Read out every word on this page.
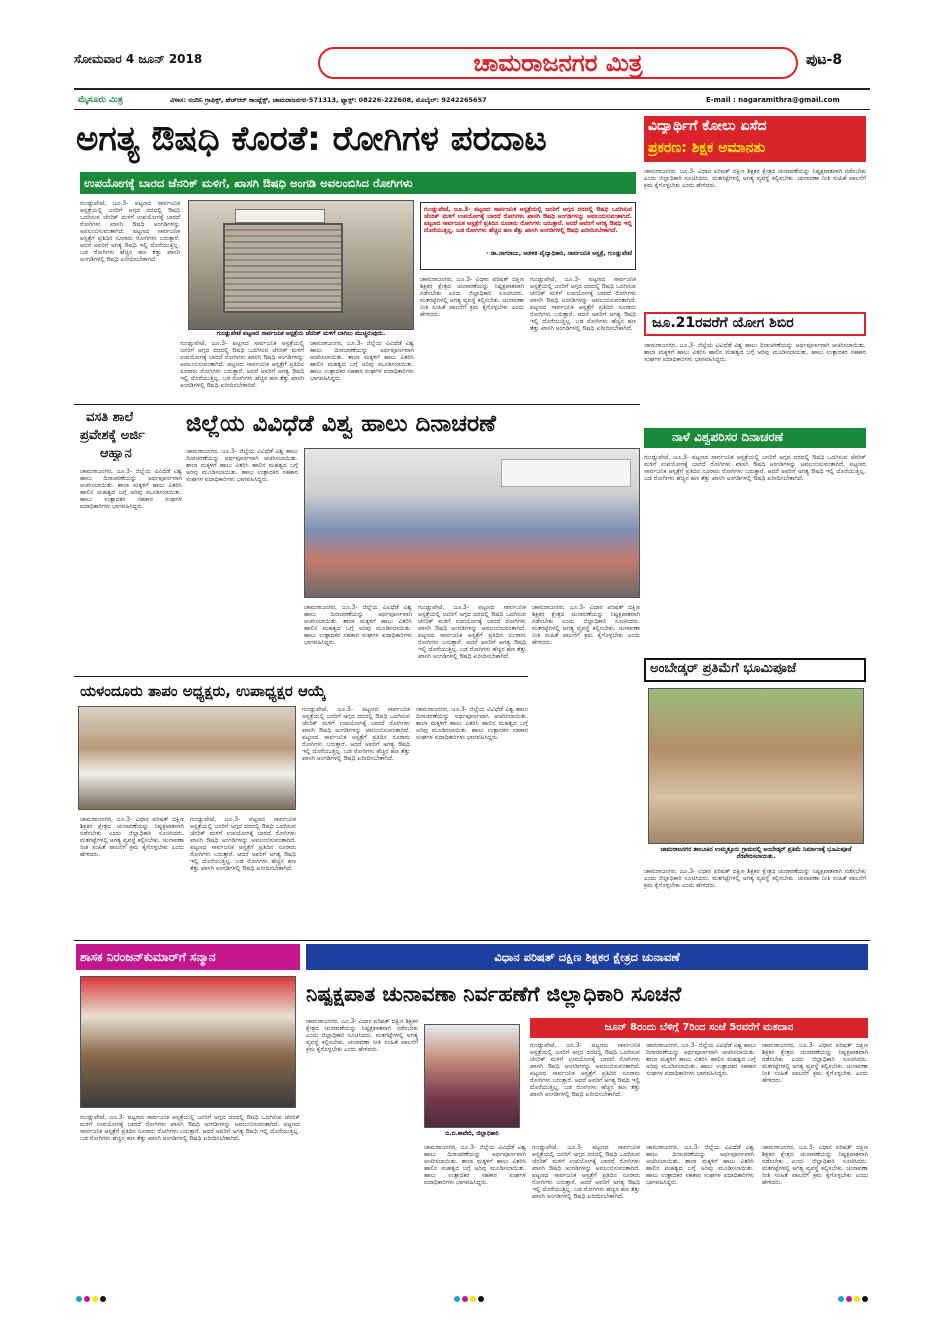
ಸೋಮವಾರ 4 ಜೂನ್ 2018	ಚಾಮರಾಜನಗರ ಮಿತ್ರ	ಪುಟ-8
ಮೈಸೂರು ಮಿತ್ರ	ವಿಳಾಸ: ನಂದಿನಿ ಗ್ರಾಫಿಕ್ಸ್, ಹೆಚ್‌ಆರ್ ಕಾಂಪ್ಲೆಕ್ಸ್, ಚಾಮರಾಜನಗರ-571313, ಫ್ಯಾಕ್ಸ್: 08226-222608, ಮೊಬೈಲ್: 9242265657	E-mail : nagaramithra@gmail.com
ಅಗತ್ಯ ಔಷಧಿ ಕೊರತೆ: ರೋಗಿಗಳ ಪರದಾಟ
ಉಪಯೋಗಕ್ಕೆ ಬಾರದ ಜೆನರಿಕ್ ಮಳಿಗೆ, ಖಾಸಗಿ ಔಷಧಿ ಅಂಗಡಿ ಅವಲಂಬಿಸಿದ ರೋಗಿಗಳು
ಗುಂಡ್ಲುಪೇಟೆ, ಜೂ.3- ಪಟ್ಟಣದ ಸಾರ್ವಜನಿಕ ಆಸ್ಪತ್ರೆಯಲ್ಲಿ ಜನರಿಗೆ ಅಗ್ಗದ ದರದಲ್ಲಿ ಔಷಧಿ ಒದಗಿಸುವ ಜೆನರಿಕ್ ಮಳಿಗೆ ಉಪಯೋಗಕ್ಕೆ ಬಾರದೆ ರೋಗಿಗಳು ಖಾಸಗಿ ಔಷಧಿ ಅಂಗಡಿಗಳನ್ನು ಅವಲಂಬಿಸುವಂತಾಗಿದೆ. ಪಟ್ಟಣದ ಸಾರ್ವಜನಿಕ ಆಸ್ಪತ್ರೆಗೆ ಪ್ರತಿದಿನ ನೂರಾರು ರೋಗಿಗಳು ಬರುತ್ತಾರೆ. ಆದರೆ ಅವರಿಗೆ ಅಗತ್ಯ ಔಷಧಿ ಇಲ್ಲಿ ದೊರೆಯುತ್ತಿಲ್ಲ. ಬಡ ರೋಗಿಗಳು ಹೆಚ್ಚಿನ ಹಣ ತೆತ್ತು ಖಾಸಗಿ ಅಂಗಡಿಗಳಲ್ಲಿ ಔಷಧಿ ಖರೀದಿಸಬೇಕಾಗಿದೆ.
ಗುಂಡ್ಲುಪೇಟೆ ಪಟ್ಟಣದ ಸಾರ್ವಜನಿಕ ಆಸ್ಪತ್ರೆಯ ಜೆನರಿಕ್ ಮಳಿಗೆ ಬಾಗಿಲು ಮುಚ್ಚಿರುವುದು.
ಗುಂಡ್ಲುಪೇಟೆ, ಜೂ.3- ಪಟ್ಟಣದ ಸಾರ್ವಜನಿಕ ಆಸ್ಪತ್ರೆಯಲ್ಲಿ ಜನರಿಗೆ ಅಗ್ಗದ ದರದಲ್ಲಿ ಔಷಧಿ ಒದಗಿಸುವ ಜೆನರಿಕ್ ಮಳಿಗೆ ಉಪಯೋಗಕ್ಕೆ ಬಾರದೆ ರೋಗಿಗಳು ಖಾಸಗಿ ಔಷಧಿ ಅಂಗಡಿಗಳನ್ನು ಅವಲಂಬಿಸುವಂತಾಗಿದೆ. ಪಟ್ಟಣದ ಸಾರ್ವಜನಿಕ ಆಸ್ಪತ್ರೆಗೆ ಪ್ರತಿದಿನ ನೂರಾರು ರೋಗಿಗಳು ಬರುತ್ತಾರೆ. ಆದರೆ ಅವರಿಗೆ ಅಗತ್ಯ ಔಷಧಿ ಇಲ್ಲಿ ದೊರೆಯುತ್ತಿಲ್ಲ. ಬಡ ರೋಗಿಗಳು ಹೆಚ್ಚಿನ ಹಣ ತೆತ್ತು ಖಾಸಗಿ ಅಂಗಡಿಗಳಲ್ಲಿ ಔಷಧಿ ಖರೀದಿಸಬೇಕಾಗಿದೆ.
- ಡಾ.ನಾಗರಾಜು, ಆಡಳಿತ ವೈದ್ಯಾಧಿಕಾರಿ, ಸಾರ್ವಜನಿಕ ಆಸ್ಪತ್ರೆ, ಗುಂಡ್ಲುಪೇಟೆ
ಗುಂಡ್ಲುಪೇಟೆ, ಜೂ.3- ಪಟ್ಟಣದ ಸಾರ್ವಜನಿಕ ಆಸ್ಪತ್ರೆಯಲ್ಲಿ ಜನರಿಗೆ ಅಗ್ಗದ ದರದಲ್ಲಿ ಔಷಧಿ ಒದಗಿಸುವ ಜೆನರಿಕ್ ಮಳಿಗೆ ಉಪಯೋಗಕ್ಕೆ ಬಾರದೆ ರೋಗಿಗಳು ಖಾಸಗಿ ಔಷಧಿ ಅಂಗಡಿಗಳನ್ನು ಅವಲಂಬಿಸುವಂತಾಗಿದೆ. ಪಟ್ಟಣದ ಸಾರ್ವಜನಿಕ ಆಸ್ಪತ್ರೆಗೆ ಪ್ರತಿದಿನ ನೂರಾರು ರೋಗಿಗಳು ಬರುತ್ತಾರೆ. ಆದರೆ ಅವರಿಗೆ ಅಗತ್ಯ ಔಷಧಿ ಇಲ್ಲಿ ದೊರೆಯುತ್ತಿಲ್ಲ. ಬಡ ರೋಗಿಗಳು ಹೆಚ್ಚಿನ ಹಣ ತೆತ್ತು ಖಾಸಗಿ ಅಂಗಡಿಗಳಲ್ಲಿ ಔಷಧಿ ಖರೀದಿಸಬೇಕಾಗಿದೆ.
ಚಾಮರಾಜನಗರ, ಜೂ.3- ಜಿಲ್ಲೆಯ ವಿವಿಧೆಡೆ ವಿಶ್ವ ಹಾಲು ದಿನಾಚರಣೆಯನ್ನು ಅರ್ಥಪೂರ್ಣವಾಗಿ ಆಚರಿಸಲಾಯಿತು. ಶಾಲಾ ಮಕ್ಕಳಿಗೆ ಹಾಲು ವಿತರಿಸಿ ಹಾಲಿನ ಮಹತ್ವದ ಬಗ್ಗೆ ಅರಿವು ಮೂಡಿಸಲಾಯಿತು. ಹಾಲು ಉತ್ಪಾದಕರ ಸಹಕಾರ ಸಂಘಗಳ ಪದಾಧಿಕಾರಿಗಳು ಭಾಗವಹಿಸಿದ್ದರು.
ಚಾಮರಾಜನಗರ, ಜೂ.3- ವಿಧಾನ ಪರಿಷತ್ ದಕ್ಷಿಣ ಶಿಕ್ಷಕರ ಕ್ಷೇತ್ರದ ಚುನಾವಣೆಯನ್ನು ನಿಷ್ಪಕ್ಷಪಾತವಾಗಿ ನಡೆಸಬೇಕು ಎಂದು ಜಿಲ್ಲಾಧಿಕಾರಿ ಸೂಚಿಸಿದರು. ಮತಗಟ್ಟೆಗಳಲ್ಲಿ ಅಗತ್ಯ ವ್ಯವಸ್ಥೆ ಕಲ್ಪಿಸಬೇಕು. ಚುನಾವಣಾ ನೀತಿ ಸಂಹಿತೆ ಪಾಲನೆಗೆ ಕ್ರಮ ಕೈಗೊಳ್ಳಬೇಕು ಎಂದು ಹೇಳಿದರು.
ಗುಂಡ್ಲುಪೇಟೆ, ಜೂ.3- ಪಟ್ಟಣದ ಸಾರ್ವಜನಿಕ ಆಸ್ಪತ್ರೆಯಲ್ಲಿ ಜನರಿಗೆ ಅಗ್ಗದ ದರದಲ್ಲಿ ಔಷಧಿ ಒದಗಿಸುವ ಜೆನರಿಕ್ ಮಳಿಗೆ ಉಪಯೋಗಕ್ಕೆ ಬಾರದೆ ರೋಗಿಗಳು ಖಾಸಗಿ ಔಷಧಿ ಅಂಗಡಿಗಳನ್ನು ಅವಲಂಬಿಸುವಂತಾಗಿದೆ. ಪಟ್ಟಣದ ಸಾರ್ವಜನಿಕ ಆಸ್ಪತ್ರೆಗೆ ಪ್ರತಿದಿನ ನೂರಾರು ರೋಗಿಗಳು ಬರುತ್ತಾರೆ. ಆದರೆ ಅವರಿಗೆ ಅಗತ್ಯ ಔಷಧಿ ಇಲ್ಲಿ ದೊರೆಯುತ್ತಿಲ್ಲ. ಬಡ ರೋಗಿಗಳು ಹೆಚ್ಚಿನ ಹಣ ತೆತ್ತು ಖಾಸಗಿ ಅಂಗಡಿಗಳಲ್ಲಿ ಔಷಧಿ ಖರೀದಿಸಬೇಕಾಗಿದೆ.
ವಿದ್ಯಾರ್ಥಿಗೆ ಕೋಲು ಏಸೆದ
ಪ್ರಕರಣ: ಶಿಕ್ಷಕ ಅಮಾನತು
ಚಾಮರಾಜನಗರ, ಜೂ.3- ವಿಧಾನ ಪರಿಷತ್ ದಕ್ಷಿಣ ಶಿಕ್ಷಕರ ಕ್ಷೇತ್ರದ ಚುನಾವಣೆಯನ್ನು ನಿಷ್ಪಕ್ಷಪಾತವಾಗಿ ನಡೆಸಬೇಕು ಎಂದು ಜಿಲ್ಲಾಧಿಕಾರಿ ಸೂಚಿಸಿದರು. ಮತಗಟ್ಟೆಗಳಲ್ಲಿ ಅಗತ್ಯ ವ್ಯವಸ್ಥೆ ಕಲ್ಪಿಸಬೇಕು. ಚುನಾವಣಾ ನೀತಿ ಸಂಹಿತೆ ಪಾಲನೆಗೆ ಕ್ರಮ ಕೈಗೊಳ್ಳಬೇಕು ಎಂದು ಹೇಳಿದರು.
ಜೂ.21ರವರೆಗೆ ಯೋಗ ಶಿಬಿರ
ಚಾಮರಾಜನಗರ, ಜೂ.3- ಜಿಲ್ಲೆಯ ವಿವಿಧೆಡೆ ವಿಶ್ವ ಹಾಲು ದಿನಾಚರಣೆಯನ್ನು ಅರ್ಥಪೂರ್ಣವಾಗಿ ಆಚರಿಸಲಾಯಿತು. ಶಾಲಾ ಮಕ್ಕಳಿಗೆ ಹಾಲು ವಿತರಿಸಿ ಹಾಲಿನ ಮಹತ್ವದ ಬಗ್ಗೆ ಅರಿವು ಮೂಡಿಸಲಾಯಿತು. ಹಾಲು ಉತ್ಪಾದಕರ ಸಹಕಾರ ಸಂಘಗಳ ಪದಾಧಿಕಾರಿಗಳು ಭಾಗವಹಿಸಿದ್ದರು.
ನಾಳೆ ವಿಶ್ವಪರಿಸರ ದಿನಾಚರಣೆ
ಗುಂಡ್ಲುಪೇಟೆ, ಜೂ.3- ಪಟ್ಟಣದ ಸಾರ್ವಜನಿಕ ಆಸ್ಪತ್ರೆಯಲ್ಲಿ ಜನರಿಗೆ ಅಗ್ಗದ ದರದಲ್ಲಿ ಔಷಧಿ ಒದಗಿಸುವ ಜೆನರಿಕ್ ಮಳಿಗೆ ಉಪಯೋಗಕ್ಕೆ ಬಾರದೆ ರೋಗಿಗಳು ಖಾಸಗಿ ಔಷಧಿ ಅಂಗಡಿಗಳನ್ನು ಅವಲಂಬಿಸುವಂತಾಗಿದೆ. ಪಟ್ಟಣದ ಸಾರ್ವಜನಿಕ ಆಸ್ಪತ್ರೆಗೆ ಪ್ರತಿದಿನ ನೂರಾರು ರೋಗಿಗಳು ಬರುತ್ತಾರೆ. ಆದರೆ ಅವರಿಗೆ ಅಗತ್ಯ ಔಷಧಿ ಇಲ್ಲಿ ದೊರೆಯುತ್ತಿಲ್ಲ. ಬಡ ರೋಗಿಗಳು ಹೆಚ್ಚಿನ ಹಣ ತೆತ್ತು ಖಾಸಗಿ ಅಂಗಡಿಗಳಲ್ಲಿ ಔಷಧಿ ಖರೀದಿಸಬೇಕಾಗಿದೆ.
ವಸತಿ ಶಾಲೆ
ಪ್ರವೇಶಕ್ಕೆ ಅರ್ಜಿ
ಆಹ್ವಾನ
ಚಾಮರಾಜನಗರ, ಜೂ.3- ಜಿಲ್ಲೆಯ ವಿವಿಧೆಡೆ ವಿಶ್ವ ಹಾಲು ದಿನಾಚರಣೆಯನ್ನು ಅರ್ಥಪೂರ್ಣವಾಗಿ ಆಚರಿಸಲಾಯಿತು. ಶಾಲಾ ಮಕ್ಕಳಿಗೆ ಹಾಲು ವಿತರಿಸಿ ಹಾಲಿನ ಮಹತ್ವದ ಬಗ್ಗೆ ಅರಿವು ಮೂಡಿಸಲಾಯಿತು. ಹಾಲು ಉತ್ಪಾದಕರ ಸಹಕಾರ ಸಂಘಗಳ ಪದಾಧಿಕಾರಿಗಳು ಭಾಗವಹಿಸಿದ್ದರು.
ಜಿಲ್ಲೆಯ ವಿವಿಧೆಡೆ ವಿಶ್ವ ಹಾಲು ದಿನಾಚರಣೆ
ಚಾಮರಾಜನಗರ, ಜೂ.3- ಜಿಲ್ಲೆಯ ವಿವಿಧೆಡೆ ವಿಶ್ವ ಹಾಲು ದಿನಾಚರಣೆಯನ್ನು ಅರ್ಥಪೂರ್ಣವಾಗಿ ಆಚರಿಸಲಾಯಿತು. ಶಾಲಾ ಮಕ್ಕಳಿಗೆ ಹಾಲು ವಿತರಿಸಿ ಹಾಲಿನ ಮಹತ್ವದ ಬಗ್ಗೆ ಅರಿವು ಮೂಡಿಸಲಾಯಿತು. ಹಾಲು ಉತ್ಪಾದಕರ ಸಹಕಾರ ಸಂಘಗಳ ಪದಾಧಿಕಾರಿಗಳು ಭಾಗವಹಿಸಿದ್ದರು.
ಚಾಮರಾಜನಗರ, ಜೂ.3- ಜಿಲ್ಲೆಯ ವಿವಿಧೆಡೆ ವಿಶ್ವ ಹಾಲು ದಿನಾಚರಣೆಯನ್ನು ಅರ್ಥಪೂರ್ಣವಾಗಿ ಆಚರಿಸಲಾಯಿತು. ಶಾಲಾ ಮಕ್ಕಳಿಗೆ ಹಾಲು ವಿತರಿಸಿ ಹಾಲಿನ ಮಹತ್ವದ ಬಗ್ಗೆ ಅರಿವು ಮೂಡಿಸಲಾಯಿತು. ಹಾಲು ಉತ್ಪಾದಕರ ಸಹಕಾರ ಸಂಘಗಳ ಪದಾಧಿಕಾರಿಗಳು ಭಾಗವಹಿಸಿದ್ದರು.
ಗುಂಡ್ಲುಪೇಟೆ, ಜೂ.3- ಪಟ್ಟಣದ ಸಾರ್ವಜನಿಕ ಆಸ್ಪತ್ರೆಯಲ್ಲಿ ಜನರಿಗೆ ಅಗ್ಗದ ದರದಲ್ಲಿ ಔಷಧಿ ಒದಗಿಸುವ ಜೆನರಿಕ್ ಮಳಿಗೆ ಉಪಯೋಗಕ್ಕೆ ಬಾರದೆ ರೋಗಿಗಳು ಖಾಸಗಿ ಔಷಧಿ ಅಂಗಡಿಗಳನ್ನು ಅವಲಂಬಿಸುವಂತಾಗಿದೆ. ಪಟ್ಟಣದ ಸಾರ್ವಜನಿಕ ಆಸ್ಪತ್ರೆಗೆ ಪ್ರತಿದಿನ ನೂರಾರು ರೋಗಿಗಳು ಬರುತ್ತಾರೆ. ಆದರೆ ಅವರಿಗೆ ಅಗತ್ಯ ಔಷಧಿ ಇಲ್ಲಿ ದೊರೆಯುತ್ತಿಲ್ಲ. ಬಡ ರೋಗಿಗಳು ಹೆಚ್ಚಿನ ಹಣ ತೆತ್ತು ಖಾಸಗಿ ಅಂಗಡಿಗಳಲ್ಲಿ ಔಷಧಿ ಖರೀದಿಸಬೇಕಾಗಿದೆ.
ಚಾಮರಾಜನಗರ, ಜೂ.3- ವಿಧಾನ ಪರಿಷತ್ ದಕ್ಷಿಣ ಶಿಕ್ಷಕರ ಕ್ಷೇತ್ರದ ಚುನಾವಣೆಯನ್ನು ನಿಷ್ಪಕ್ಷಪಾತವಾಗಿ ನಡೆಸಬೇಕು ಎಂದು ಜಿಲ್ಲಾಧಿಕಾರಿ ಸೂಚಿಸಿದರು. ಮತಗಟ್ಟೆಗಳಲ್ಲಿ ಅಗತ್ಯ ವ್ಯವಸ್ಥೆ ಕಲ್ಪಿಸಬೇಕು. ಚುನಾವಣಾ ನೀತಿ ಸಂಹಿತೆ ಪಾಲನೆಗೆ ಕ್ರಮ ಕೈಗೊಳ್ಳಬೇಕು ಎಂದು ಹೇಳಿದರು.
ಅಂಬೇಡ್ಕರ್ ಪ್ರತಿಮೆಗೆ ಭೂಮಿಪೂಜೆ
ಚಾಮರಾಜನಗರ ತಾಲೂಕಿನ ಉಮ್ಮತ್ತೂರು ಗ್ರಾಮದಲ್ಲಿ ಅಂಬೇಡ್ಕರ್ ಪ್ರತಿಮೆ ನಿರ್ಮಾಣಕ್ಕೆ ಭೂಮಿಪೂಜೆ ನೆರವೇರಿಸಲಾಯಿತು.
ಚಾಮರಾಜನಗರ, ಜೂ.3- ವಿಧಾನ ಪರಿಷತ್ ದಕ್ಷಿಣ ಶಿಕ್ಷಕರ ಕ್ಷೇತ್ರದ ಚುನಾವಣೆಯನ್ನು ನಿಷ್ಪಕ್ಷಪಾತವಾಗಿ ನಡೆಸಬೇಕು ಎಂದು ಜಿಲ್ಲಾಧಿಕಾರಿ ಸೂಚಿಸಿದರು. ಮತಗಟ್ಟೆಗಳಲ್ಲಿ ಅಗತ್ಯ ವ್ಯವಸ್ಥೆ ಕಲ್ಪಿಸಬೇಕು. ಚುನಾವಣಾ ನೀತಿ ಸಂಹಿತೆ ಪಾಲನೆಗೆ ಕ್ರಮ ಕೈಗೊಳ್ಳಬೇಕು ಎಂದು ಹೇಳಿದರು.
ಯಳಂದೂರು ತಾಪಂ ಅಧ್ಯಕ್ಷರು, ಉಪಾಧ್ಯಕ್ಷರ ಆಯ್ಕೆ
ಗುಂಡ್ಲುಪೇಟೆ, ಜೂ.3- ಪಟ್ಟಣದ ಸಾರ್ವಜನಿಕ ಆಸ್ಪತ್ರೆಯಲ್ಲಿ ಜನರಿಗೆ ಅಗ್ಗದ ದರದಲ್ಲಿ ಔಷಧಿ ಒದಗಿಸುವ ಜೆನರಿಕ್ ಮಳಿಗೆ ಉಪಯೋಗಕ್ಕೆ ಬಾರದೆ ರೋಗಿಗಳು ಖಾಸಗಿ ಔಷಧಿ ಅಂಗಡಿಗಳನ್ನು ಅವಲಂಬಿಸುವಂತಾಗಿದೆ. ಪಟ್ಟಣದ ಸಾರ್ವಜನಿಕ ಆಸ್ಪತ್ರೆಗೆ ಪ್ರತಿದಿನ ನೂರಾರು ರೋಗಿಗಳು ಬರುತ್ತಾರೆ. ಆದರೆ ಅವರಿಗೆ ಅಗತ್ಯ ಔಷಧಿ ಇಲ್ಲಿ ದೊರೆಯುತ್ತಿಲ್ಲ. ಬಡ ರೋಗಿಗಳು ಹೆಚ್ಚಿನ ಹಣ ತೆತ್ತು ಖಾಸಗಿ ಅಂಗಡಿಗಳಲ್ಲಿ ಔಷಧಿ ಖರೀದಿಸಬೇಕಾಗಿದೆ.
ಚಾಮರಾಜನಗರ, ಜೂ.3- ಜಿಲ್ಲೆಯ ವಿವಿಧೆಡೆ ವಿಶ್ವ ಹಾಲು ದಿನಾಚರಣೆಯನ್ನು ಅರ್ಥಪೂರ್ಣವಾಗಿ ಆಚರಿಸಲಾಯಿತು. ಶಾಲಾ ಮಕ್ಕಳಿಗೆ ಹಾಲು ವಿತರಿಸಿ ಹಾಲಿನ ಮಹತ್ವದ ಬಗ್ಗೆ ಅರಿವು ಮೂಡಿಸಲಾಯಿತು. ಹಾಲು ಉತ್ಪಾದಕರ ಸಹಕಾರ ಸಂಘಗಳ ಪದಾಧಿಕಾರಿಗಳು ಭಾಗವಹಿಸಿದ್ದರು.
ಚಾಮರಾಜನಗರ, ಜೂ.3- ವಿಧಾನ ಪರಿಷತ್ ದಕ್ಷಿಣ ಶಿಕ್ಷಕರ ಕ್ಷೇತ್ರದ ಚುನಾವಣೆಯನ್ನು ನಿಷ್ಪಕ್ಷಪಾತವಾಗಿ ನಡೆಸಬೇಕು ಎಂದು ಜಿಲ್ಲಾಧಿಕಾರಿ ಸೂಚಿಸಿದರು. ಮತಗಟ್ಟೆಗಳಲ್ಲಿ ಅಗತ್ಯ ವ್ಯವಸ್ಥೆ ಕಲ್ಪಿಸಬೇಕು. ಚುನಾವಣಾ ನೀತಿ ಸಂಹಿತೆ ಪಾಲನೆಗೆ ಕ್ರಮ ಕೈಗೊಳ್ಳಬೇಕು ಎಂದು ಹೇಳಿದರು.
ಗುಂಡ್ಲುಪೇಟೆ, ಜೂ.3- ಪಟ್ಟಣದ ಸಾರ್ವಜನಿಕ ಆಸ್ಪತ್ರೆಯಲ್ಲಿ ಜನರಿಗೆ ಅಗ್ಗದ ದರದಲ್ಲಿ ಔಷಧಿ ಒದಗಿಸುವ ಜೆನರಿಕ್ ಮಳಿಗೆ ಉಪಯೋಗಕ್ಕೆ ಬಾರದೆ ರೋಗಿಗಳು ಖಾಸಗಿ ಔಷಧಿ ಅಂಗಡಿಗಳನ್ನು ಅವಲಂಬಿಸುವಂತಾಗಿದೆ. ಪಟ್ಟಣದ ಸಾರ್ವಜನಿಕ ಆಸ್ಪತ್ರೆಗೆ ಪ್ರತಿದಿನ ನೂರಾರು ರೋಗಿಗಳು ಬರುತ್ತಾರೆ. ಆದರೆ ಅವರಿಗೆ ಅಗತ್ಯ ಔಷಧಿ ಇಲ್ಲಿ ದೊರೆಯುತ್ತಿಲ್ಲ. ಬಡ ರೋಗಿಗಳು ಹೆಚ್ಚಿನ ಹಣ ತೆತ್ತು ಖಾಸಗಿ ಅಂಗಡಿಗಳಲ್ಲಿ ಔಷಧಿ ಖರೀದಿಸಬೇಕಾಗಿದೆ.
ಶಾಸಕ ನಿರಂಜನ್‌ಕುಮಾರ್‌ಗೆ ಸನ್ಮಾನ
ಗುಂಡ್ಲುಪೇಟೆ, ಜೂ.3- ಪಟ್ಟಣದ ಸಾರ್ವಜನಿಕ ಆಸ್ಪತ್ರೆಯಲ್ಲಿ ಜನರಿಗೆ ಅಗ್ಗದ ದರದಲ್ಲಿ ಔಷಧಿ ಒದಗಿಸುವ ಜೆನರಿಕ್ ಮಳಿಗೆ ಉಪಯೋಗಕ್ಕೆ ಬಾರದೆ ರೋಗಿಗಳು ಖಾಸಗಿ ಔಷಧಿ ಅಂಗಡಿಗಳನ್ನು ಅವಲಂಬಿಸುವಂತಾಗಿದೆ. ಪಟ್ಟಣದ ಸಾರ್ವಜನಿಕ ಆಸ್ಪತ್ರೆಗೆ ಪ್ರತಿದಿನ ನೂರಾರು ರೋಗಿಗಳು ಬರುತ್ತಾರೆ. ಆದರೆ ಅವರಿಗೆ ಅಗತ್ಯ ಔಷಧಿ ಇಲ್ಲಿ ದೊರೆಯುತ್ತಿಲ್ಲ. ಬಡ ರೋಗಿಗಳು ಹೆಚ್ಚಿನ ಹಣ ತೆತ್ತು ಖಾಸಗಿ ಅಂಗಡಿಗಳಲ್ಲಿ ಔಷಧಿ ಖರೀದಿಸಬೇಕಾಗಿದೆ.
ವಿಧಾನ ಪರಿಷತ್ ದಕ್ಷಿಣ ಶಿಕ್ಷಕರ ಕ್ಷೇತ್ರದ ಚುನಾವಣೆ
ನಿಷ್ಪಕ್ಷಪಾತ ಚುನಾವಣಾ ನಿರ್ವಹಣೆಗೆ ಜಿಲ್ಲಾಧಿಕಾರಿ ಸೂಚನೆ
ಚಾಮರಾಜನಗರ, ಜೂ.3- ವಿಧಾನ ಪರಿಷತ್ ದಕ್ಷಿಣ ಶಿಕ್ಷಕರ ಕ್ಷೇತ್ರದ ಚುನಾವಣೆಯನ್ನು ನಿಷ್ಪಕ್ಷಪಾತವಾಗಿ ನಡೆಸಬೇಕು ಎಂದು ಜಿಲ್ಲಾಧಿಕಾರಿ ಸೂಚಿಸಿದರು. ಮತಗಟ್ಟೆಗಳಲ್ಲಿ ಅಗತ್ಯ ವ್ಯವಸ್ಥೆ ಕಲ್ಪಿಸಬೇಕು. ಚುನಾವಣಾ ನೀತಿ ಸಂಹಿತೆ ಪಾಲನೆಗೆ ಕ್ರಮ ಕೈಗೊಳ್ಳಬೇಕು ಎಂದು ಹೇಳಿದರು.
ಬಿ.ಬಿ.ಕಾವೇರಿ, ಜಿಲ್ಲಾಧಿಕಾರಿ
ಜೂನ್ 8ರಂದು ಬೆಳಿಗ್ಗೆ 7ರಿಂದ ಸಂಜೆ 5ರವರೆಗೆ ಮತದಾನ
ಗುಂಡ್ಲುಪೇಟೆ, ಜೂ.3- ಪಟ್ಟಣದ ಸಾರ್ವಜನಿಕ ಆಸ್ಪತ್ರೆಯಲ್ಲಿ ಜನರಿಗೆ ಅಗ್ಗದ ದರದಲ್ಲಿ ಔಷಧಿ ಒದಗಿಸುವ ಜೆನರಿಕ್ ಮಳಿಗೆ ಉಪಯೋಗಕ್ಕೆ ಬಾರದೆ ರೋಗಿಗಳು ಖಾಸಗಿ ಔಷಧಿ ಅಂಗಡಿಗಳನ್ನು ಅವಲಂಬಿಸುವಂತಾಗಿದೆ. ಪಟ್ಟಣದ ಸಾರ್ವಜನಿಕ ಆಸ್ಪತ್ರೆಗೆ ಪ್ರತಿದಿನ ನೂರಾರು ರೋಗಿಗಳು ಬರುತ್ತಾರೆ. ಆದರೆ ಅವರಿಗೆ ಅಗತ್ಯ ಔಷಧಿ ಇಲ್ಲಿ ದೊರೆಯುತ್ತಿಲ್ಲ. ಬಡ ರೋಗಿಗಳು ಹೆಚ್ಚಿನ ಹಣ ತೆತ್ತು ಖಾಸಗಿ ಅಂಗಡಿಗಳಲ್ಲಿ ಔಷಧಿ ಖರೀದಿಸಬೇಕಾಗಿದೆ.
ಚಾಮರಾಜನಗರ, ಜೂ.3- ಜಿಲ್ಲೆಯ ವಿವಿಧೆಡೆ ವಿಶ್ವ ಹಾಲು ದಿನಾಚರಣೆಯನ್ನು ಅರ್ಥಪೂರ್ಣವಾಗಿ ಆಚರಿಸಲಾಯಿತು. ಶಾಲಾ ಮಕ್ಕಳಿಗೆ ಹಾಲು ವಿತರಿಸಿ ಹಾಲಿನ ಮಹತ್ವದ ಬಗ್ಗೆ ಅರಿವು ಮೂಡಿಸಲಾಯಿತು. ಹಾಲು ಉತ್ಪಾದಕರ ಸಹಕಾರ ಸಂಘಗಳ ಪದಾಧಿಕಾರಿಗಳು ಭಾಗವಹಿಸಿದ್ದರು.
ಚಾಮರಾಜನಗರ, ಜೂ.3- ವಿಧಾನ ಪರಿಷತ್ ದಕ್ಷಿಣ ಶಿಕ್ಷಕರ ಕ್ಷೇತ್ರದ ಚುನಾವಣೆಯನ್ನು ನಿಷ್ಪಕ್ಷಪಾತವಾಗಿ ನಡೆಸಬೇಕು ಎಂದು ಜಿಲ್ಲಾಧಿಕಾರಿ ಸೂಚಿಸಿದರು. ಮತಗಟ್ಟೆಗಳಲ್ಲಿ ಅಗತ್ಯ ವ್ಯವಸ್ಥೆ ಕಲ್ಪಿಸಬೇಕು. ಚುನಾವಣಾ ನೀತಿ ಸಂಹಿತೆ ಪಾಲನೆಗೆ ಕ್ರಮ ಕೈಗೊಳ್ಳಬೇಕು ಎಂದು ಹೇಳಿದರು.
ಚಾಮರಾಜನಗರ, ಜೂ.3- ಜಿಲ್ಲೆಯ ವಿವಿಧೆಡೆ ವಿಶ್ವ ಹಾಲು ದಿನಾಚರಣೆಯನ್ನು ಅರ್ಥಪೂರ್ಣವಾಗಿ ಆಚರಿಸಲಾಯಿತು. ಶಾಲಾ ಮಕ್ಕಳಿಗೆ ಹಾಲು ವಿತರಿಸಿ ಹಾಲಿನ ಮಹತ್ವದ ಬಗ್ಗೆ ಅರಿವು ಮೂಡಿಸಲಾಯಿತು. ಹಾಲು ಉತ್ಪಾದಕರ ಸಹಕಾರ ಸಂಘಗಳ ಪದಾಧಿಕಾರಿಗಳು ಭಾಗವಹಿಸಿದ್ದರು.
ಗುಂಡ್ಲುಪೇಟೆ, ಜೂ.3- ಪಟ್ಟಣದ ಸಾರ್ವಜನಿಕ ಆಸ್ಪತ್ರೆಯಲ್ಲಿ ಜನರಿಗೆ ಅಗ್ಗದ ದರದಲ್ಲಿ ಔಷಧಿ ಒದಗಿಸುವ ಜೆನರಿಕ್ ಮಳಿಗೆ ಉಪಯೋಗಕ್ಕೆ ಬಾರದೆ ರೋಗಿಗಳು ಖಾಸಗಿ ಔಷಧಿ ಅಂಗಡಿಗಳನ್ನು ಅವಲಂಬಿಸುವಂತಾಗಿದೆ. ಪಟ್ಟಣದ ಸಾರ್ವಜನಿಕ ಆಸ್ಪತ್ರೆಗೆ ಪ್ರತಿದಿನ ನೂರಾರು ರೋಗಿಗಳು ಬರುತ್ತಾರೆ. ಆದರೆ ಅವರಿಗೆ ಅಗತ್ಯ ಔಷಧಿ ಇಲ್ಲಿ ದೊರೆಯುತ್ತಿಲ್ಲ. ಬಡ ರೋಗಿಗಳು ಹೆಚ್ಚಿನ ಹಣ ತೆತ್ತು ಖಾಸಗಿ ಅಂಗಡಿಗಳಲ್ಲಿ ಔಷಧಿ ಖರೀದಿಸಬೇಕಾಗಿದೆ.
ಚಾಮರಾಜನಗರ, ಜೂ.3- ಜಿಲ್ಲೆಯ ವಿವಿಧೆಡೆ ವಿಶ್ವ ಹಾಲು ದಿನಾಚರಣೆಯನ್ನು ಅರ್ಥಪೂರ್ಣವಾಗಿ ಆಚರಿಸಲಾಯಿತು. ಶಾಲಾ ಮಕ್ಕಳಿಗೆ ಹಾಲು ವಿತರಿಸಿ ಹಾಲಿನ ಮಹತ್ವದ ಬಗ್ಗೆ ಅರಿವು ಮೂಡಿಸಲಾಯಿತು. ಹಾಲು ಉತ್ಪಾದಕರ ಸಹಕಾರ ಸಂಘಗಳ ಪದಾಧಿಕಾರಿಗಳು ಭಾಗವಹಿಸಿದ್ದರು.
ಚಾಮರಾಜನಗರ, ಜೂ.3- ವಿಧಾನ ಪರಿಷತ್ ದಕ್ಷಿಣ ಶಿಕ್ಷಕರ ಕ್ಷೇತ್ರದ ಚುನಾವಣೆಯನ್ನು ನಿಷ್ಪಕ್ಷಪಾತವಾಗಿ ನಡೆಸಬೇಕು ಎಂದು ಜಿಲ್ಲಾಧಿಕಾರಿ ಸೂಚಿಸಿದರು. ಮತಗಟ್ಟೆಗಳಲ್ಲಿ ಅಗತ್ಯ ವ್ಯವಸ್ಥೆ ಕಲ್ಪಿಸಬೇಕು. ಚುನಾವಣಾ ನೀತಿ ಸಂಹಿತೆ ಪಾಲನೆಗೆ ಕ್ರಮ ಕೈಗೊಳ್ಳಬೇಕು ಎಂದು ಹೇಳಿದರು.
